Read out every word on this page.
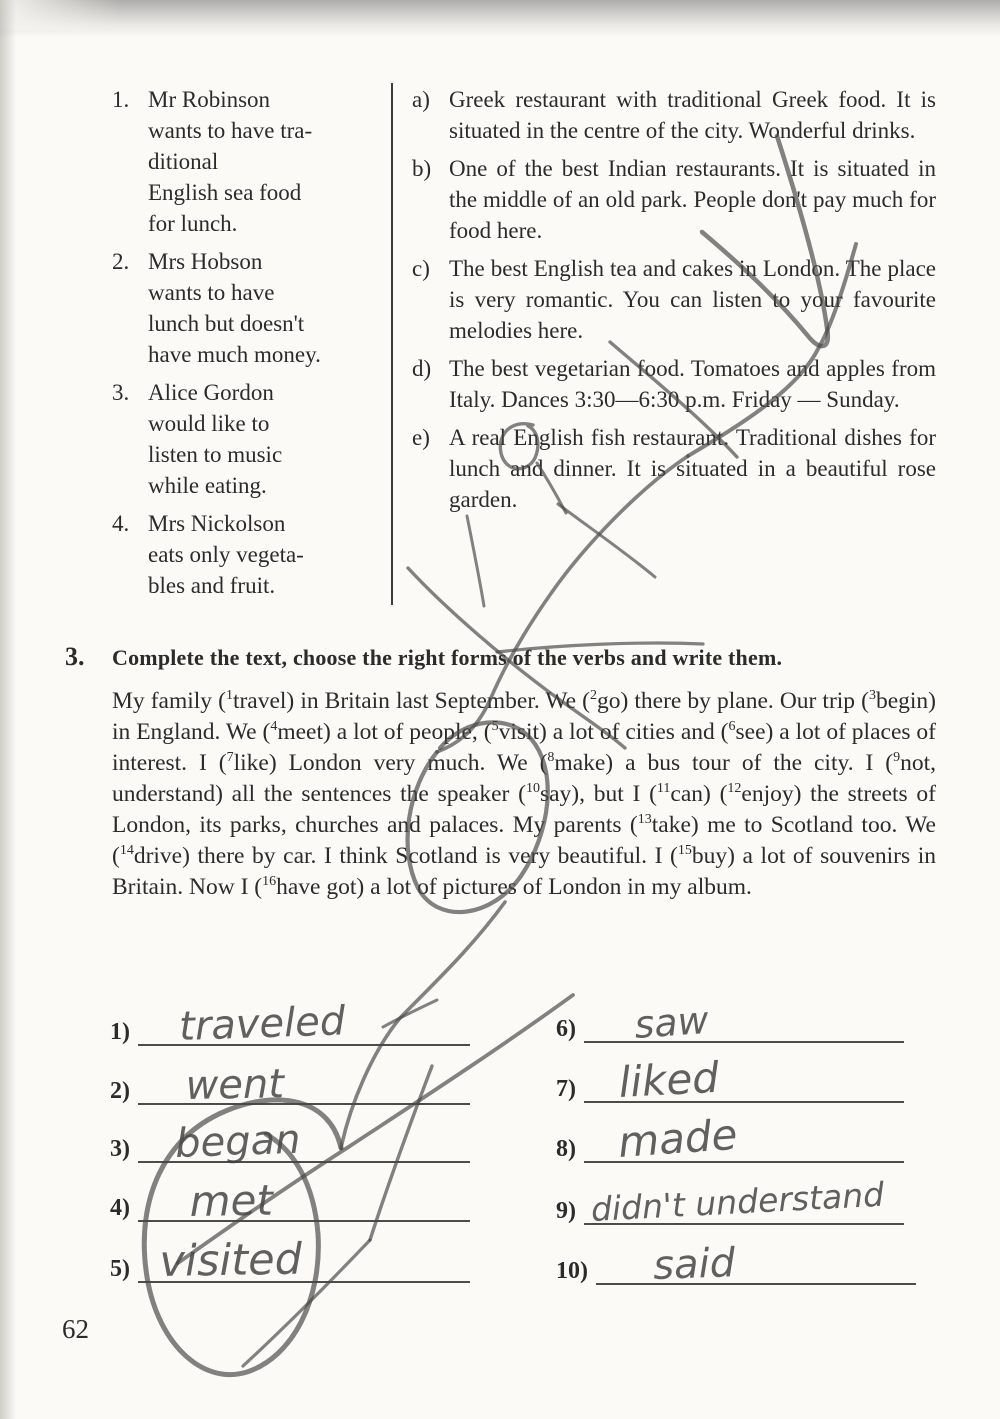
1. Mr Robinson
wants to have tra-
ditional
English sea food
for lunch.
2. Mrs Hobson
wants to have
lunch but doesn't
have much money.
3. Alice Gordon
would like to
listen to music
while eating.
4. Mrs Nickolson
eats only vegeta-
bles and fruit.
a) Greek restaurant with traditional Greek food. It is situated in the centre of the city. Wonderful drinks.
b) One of the best Indian restaurants. It is situated in the middle of an old park. People don't pay much for food here.
c) The best English tea and cakes in London. The place is very romantic. You can listen to your favourite melodies here.
d) The best vegetarian food. Tomatoes and apples from Italy. Dances 3:30—6:30 p.m. Friday — Sunday.
e) A real English fish restaurant. Traditional dishes for lunch and dinner. It is situated in a beautiful rose garden.
3.	Complete the text, choose the right forms of the verbs and write them.

My family ($^1$travel) in Britain last September. We ($^2$go) there by plane. Our trip ($^3$begin) in England. We ($^4$meet) a lot of people, ($^5$visit) a lot of cities and ($^6$see) a lot of places of interest. I ($^7$like) London very much. We ($^8$make) a bus tour of the city. I ($^9$not, understand) all the sentences the speaker ($^{10}$say), but I ($^{11}$can) ($^{12}$enjoy) the streets of London, its parks, churches and palaces. My parents ($^{13}$take) me to Scotland too. We ($^{14}$drive) there by car. I think Scotland is very beautiful. I ($^{15}$buy) a lot of souvenirs in Britain. Now I ($^{16}$have got) a lot of pictures of London in my album.

1) traveled
2) went
3) began
4) met
5) visited
6) saw
7) liked
8) made
9) didn't understand
10) said
62
